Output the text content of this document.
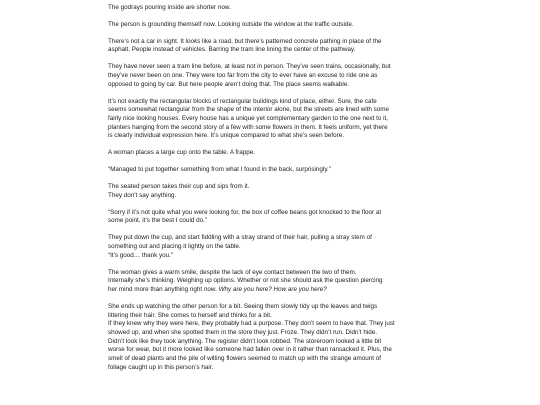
The godrays pouring inside are shorter now.

The person is grounding themself now. Looking outside the window at the traffic outside.

There’s not a car in sight. It looks like a road, but there’s patterned concrete pathing in place of the
asphalt. People instead of vehicles. Barring the tram line lining the center of the pathway.

They have never seen a tram line before, at least not in person. They’ve seen trains, occasionally, but
they’ve never been on one. They were too far from the city to ever have an excuse to ride one as
opposed to going by car. But here people aren’t doing that. The place seems walkable.

It’s not exactly the rectangular blocks of rectangular buildings kind of place, either. Sure, the cafe
seems somewhat rectangular from the shape of the interior alone, but the streets are lined with some
fairly nice looking houses. Every house has a unique yet complementary garden to the one next to it,
planters hanging from the second story of a few with some flowers in them. It feels uniform, yet there
is clearly individual expression here. It’s unique compared to what she’s seen before.

A woman places a large cup onto the table. A frappe.

“Managed to put together something from what I found in the back, surprisingly.”

The seated person takes their cup and sips from it.
They don’t say anything.

“Sorry if it’s not quite what you were looking for, the box of coffee beans got knocked to the floor at
some point, it’s the best I could do.”

They put down the cup, and start fiddling with a stray strand of their hair, pulling a stray stem of
something out and placing it lightly on the table.
“It’s good… thank you.”

The woman gives a warm smile, despite the lack of eye contact between the two of them.
Internally she’s thinking. Weighing up options. Whether or not she should ask the question piercing
her mind more than anything right now. Why are you here? How are you here?

She ends up watching the other person for a bit. Seeing them slowly tidy up the leaves and twigs
littering their hair. She comes to herself and thinks for a bit.
If they knew why they were here, they probably had a purpose. They don’t seem to have that. They just
showed up, and when she spotted them in the store they just. Froze. They didn’t run. Didn’t hide.
Didn’t look like they took anything. The register didn’t look robbed. The storeroom looked a little bit
worse for wear, but it more looked like someone had fallen over in it rather than ransacked it. Plus, the
smell of dead plants and the pile of wilting flowers seemed to match up with the strange amount of
foliage caught up in this person’s hair.
